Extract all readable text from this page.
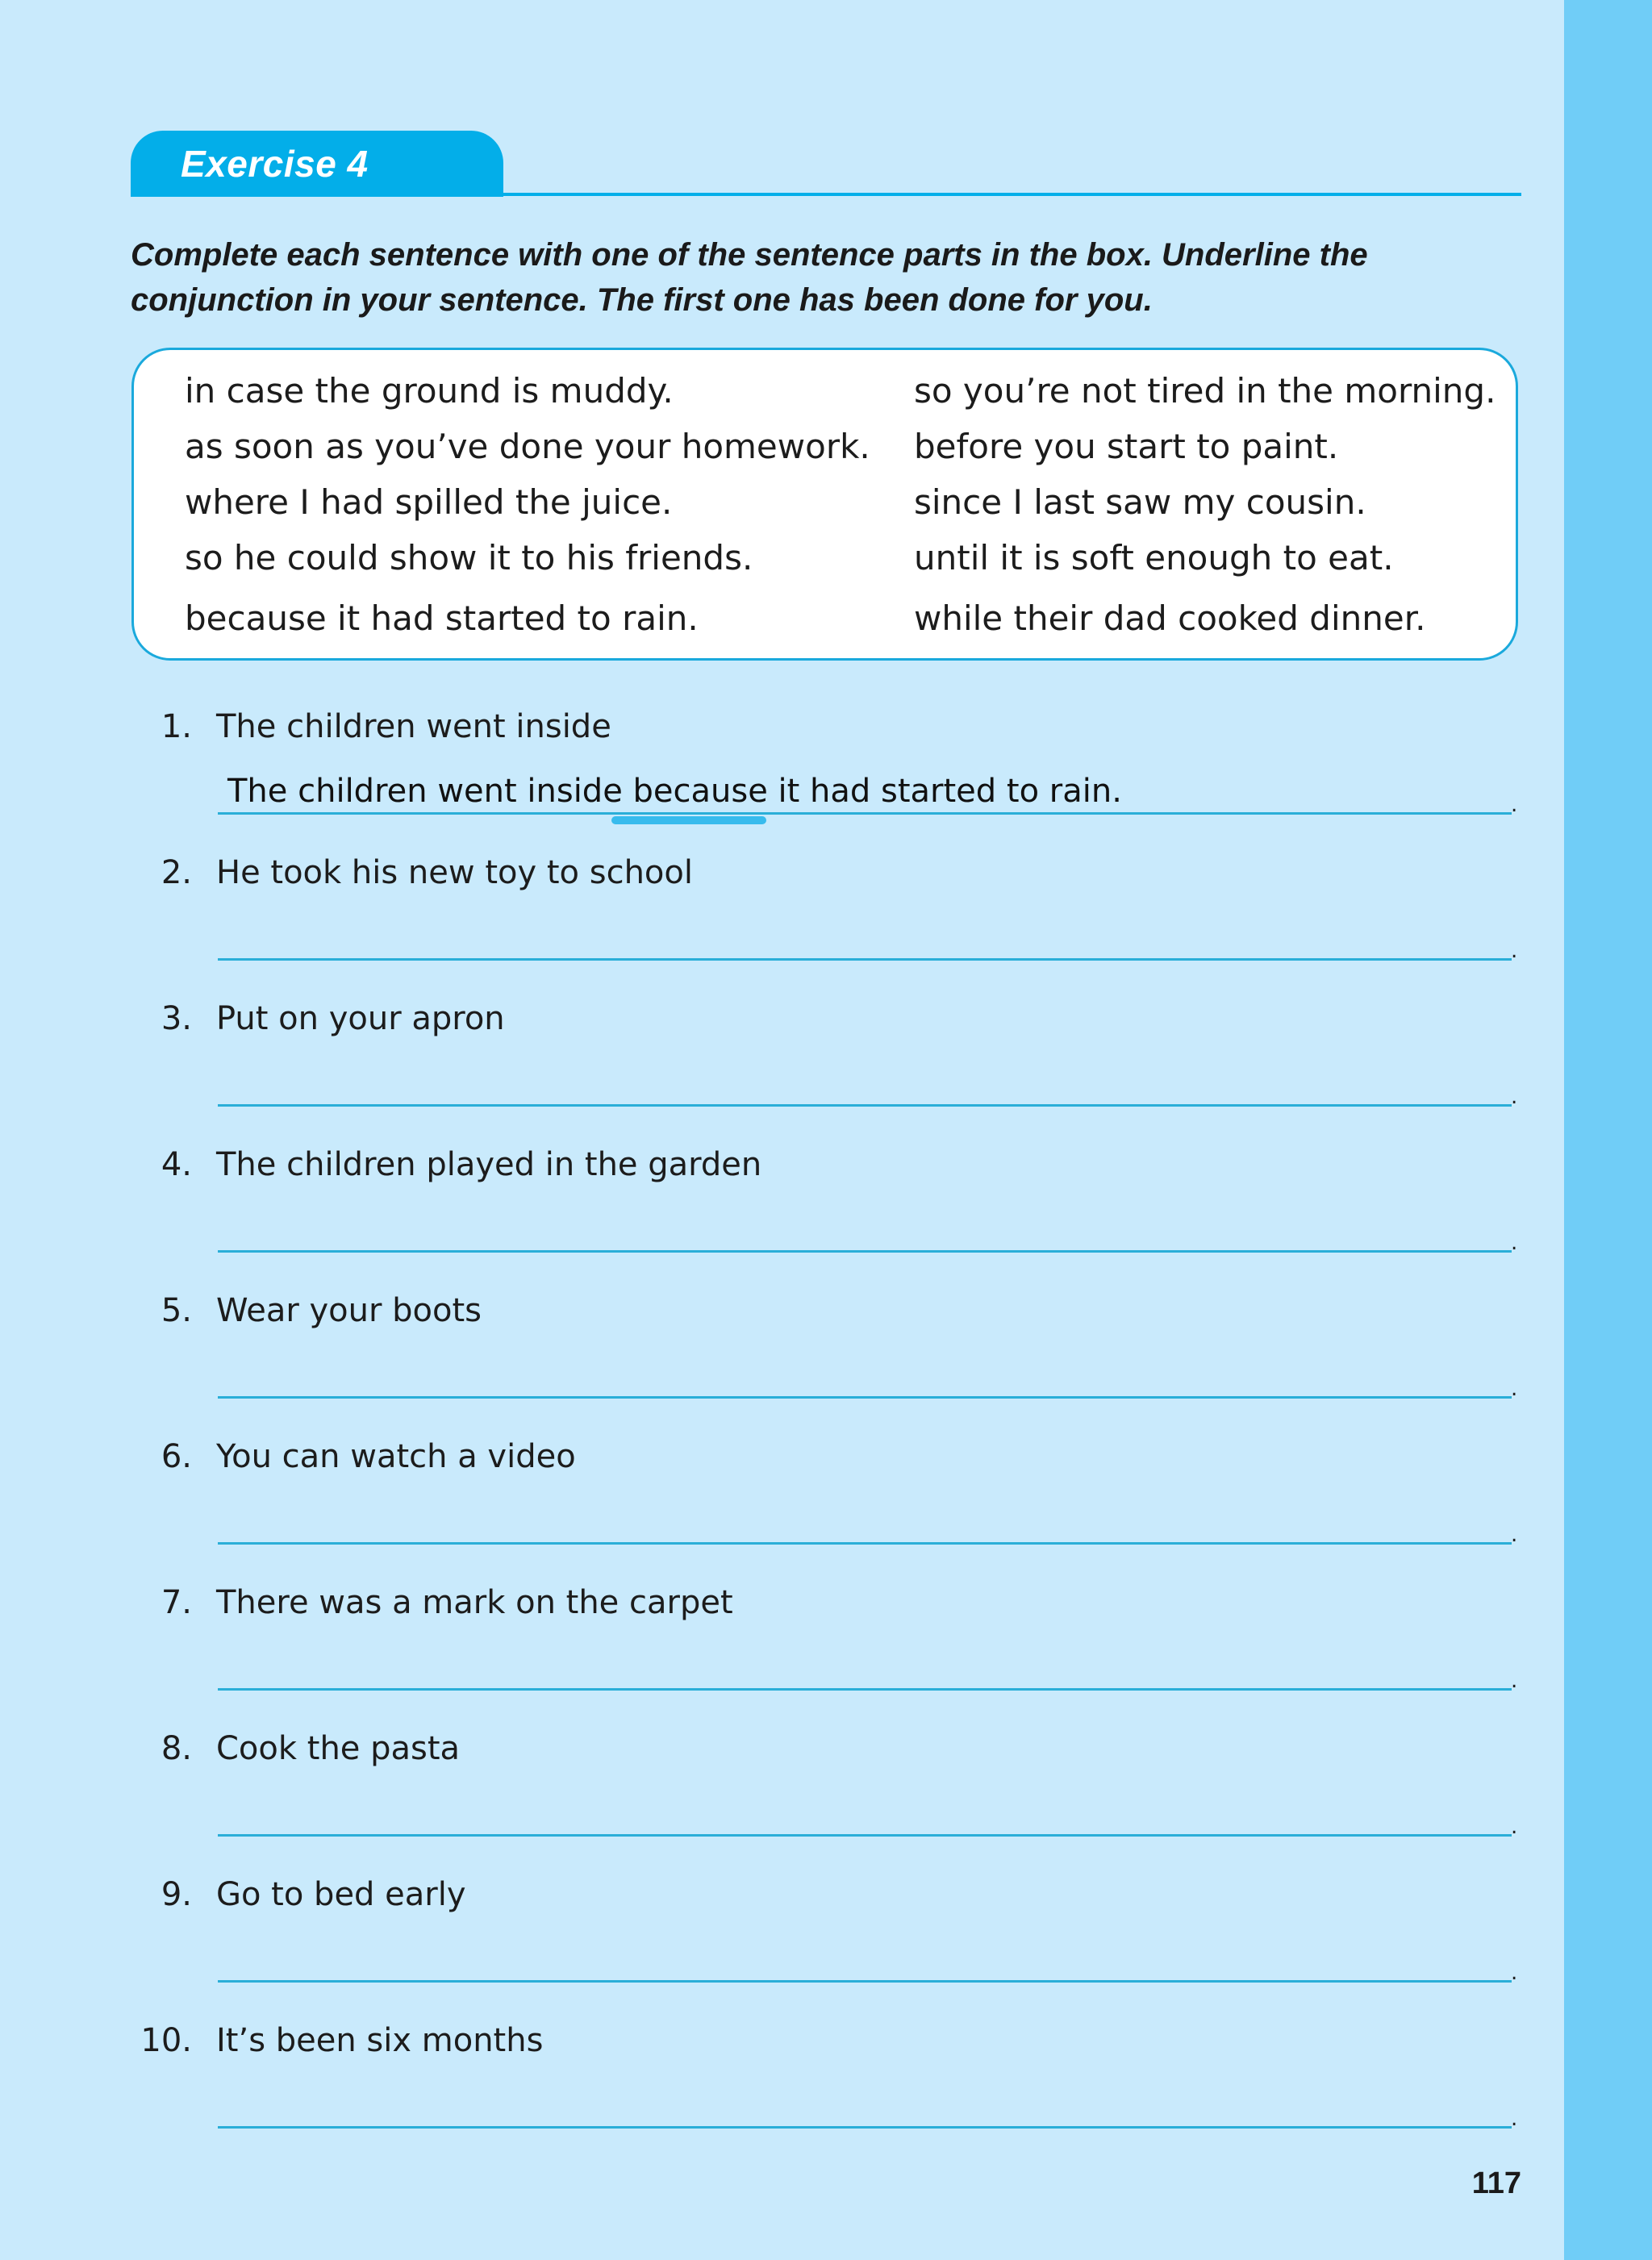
Exercise 4
Complete each sentence with one of the sentence parts in the box. Underline the conjunction in your sentence. The first one has been done for you.
in case the ground is muddy.
as soon as you’ve done your homework.
where I had spilled the juice.
so he could show it to his friends.
because it had started to rain.
so you’re not tired in the morning.
before you start to paint.
since I last saw my cousin.
until it is soft enough to eat.
while their dad cooked dinner.
1. The children went inside
The children went inside because it had started to rain.	.
2. He took his new toy to school
.
3. Put on your apron
.
4. The children played in the garden
.
5. Wear your boots
.
6. You can watch a video
.
7. There was a mark on the carpet
.
8. Cook the pasta
.
9. Go to bed early
.
10. It’s been six months
.
117
